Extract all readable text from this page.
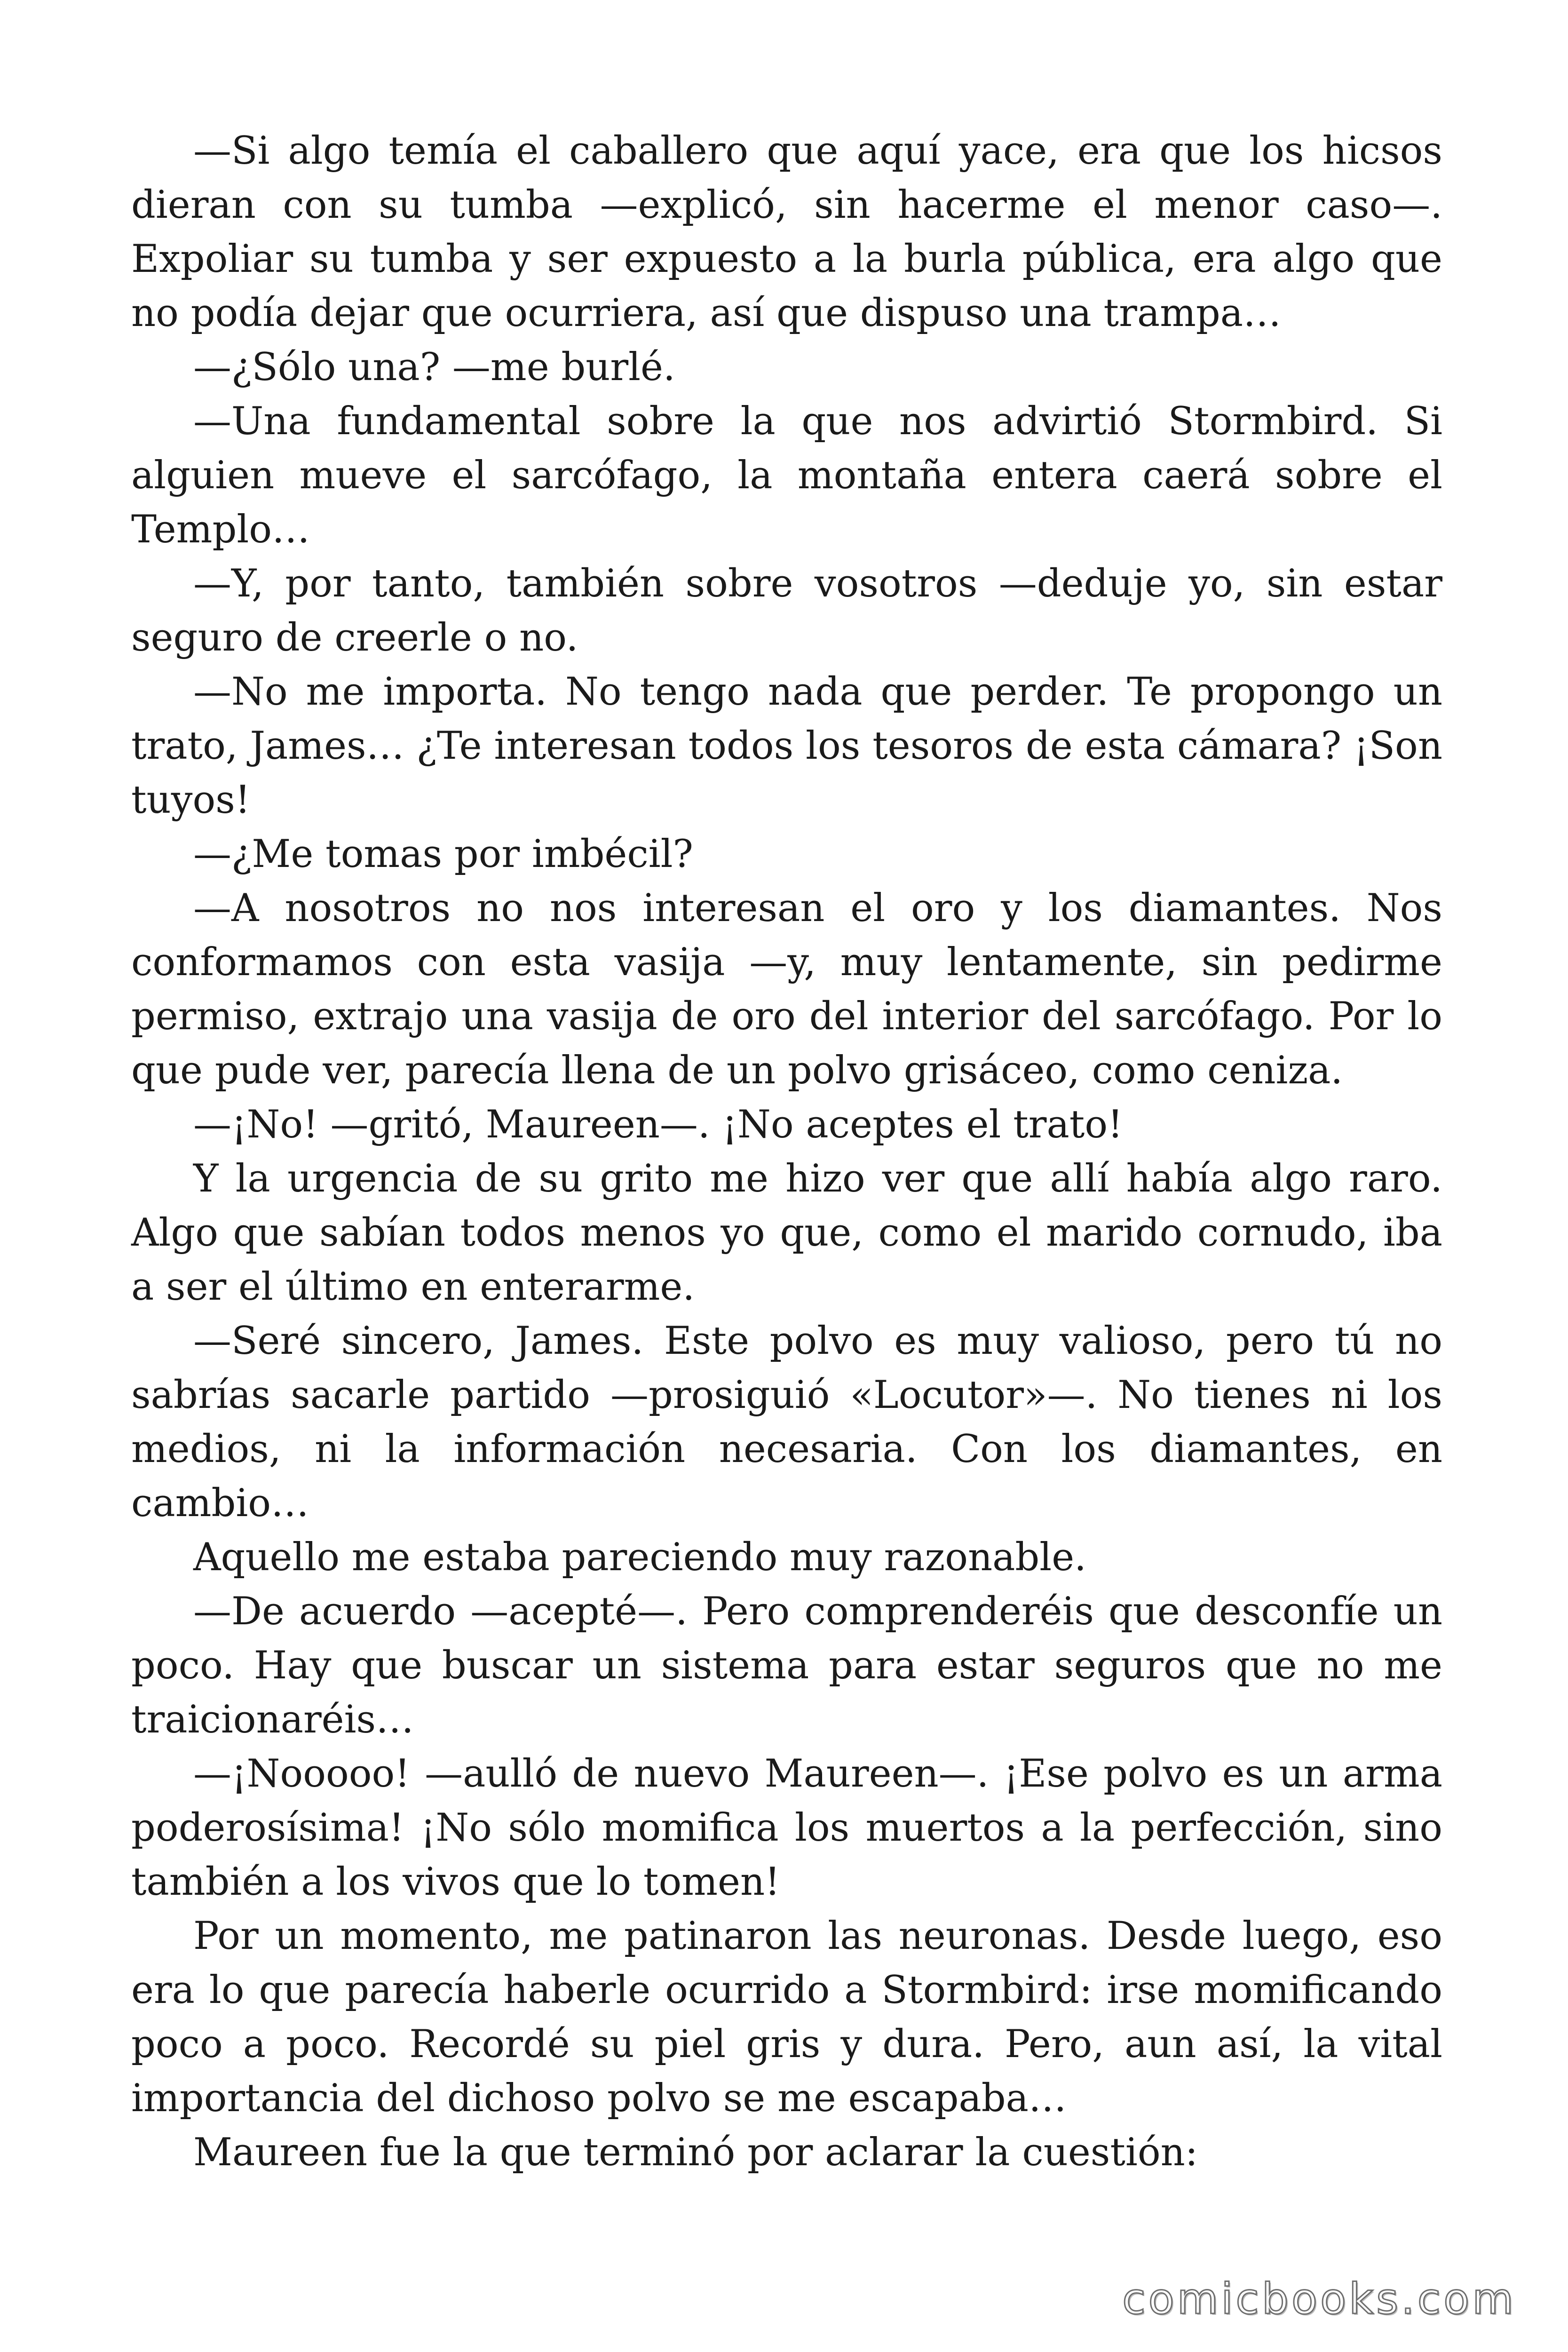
—Si algo temía el caballero que aquí yace, era que los hicsos dieran con su tumba —explicó, sin hacerme el menor caso—. Expoliar su tumba y ser expuesto a la burla pública, era algo que no podía dejar que ocurriera, así que dispuso una trampa…

—¿Sólo una? —me burlé.

—Una fundamental sobre la que nos advirtió Stormbird. Si alguien mueve el sarcófago, la montaña entera caerá sobre el Templo…

—Y, por tanto, también sobre vosotros —deduje yo, sin estar seguro de creerle o no.

—No me importa. No tengo nada que perder. Te propongo un trato, James… ¿Te interesan todos los tesoros de esta cámara? ¡Son tuyos!

—¿Me tomas por imbécil?

—A nosotros no nos interesan el oro y los diamantes. Nos conformamos con esta vasija —y, muy lentamente, sin pedirme permiso, extrajo una vasija de oro del interior del sarcófago. Por lo que pude ver, parecía llena de un polvo grisáceo, como ceniza.

—¡No! —gritó, Maureen—. ¡No aceptes el trato!

Y la urgencia de su grito me hizo ver que allí había algo raro. Algo que sabían todos menos yo que, como el marido cornudo, iba a ser el último en enterarme.

—Seré sincero, James. Este polvo es muy valioso, pero tú no sabrías sacarle partido —prosiguió «Locutor»—. No tienes ni los medios, ni la información necesaria. Con los diamantes, en cambio…

Aquello me estaba pareciendo muy razonable.

—De acuerdo —acepté—. Pero comprenderéis que desconfíe un poco. Hay que buscar un sistema para estar seguros que no me traicionaréis…

—¡Nooooo! —aulló de nuevo Maureen—. ¡Ese polvo es un arma poderosísima! ¡No sólo momifica los muertos a la perfección, sino también a los vivos que lo tomen!

Por un momento, me patinaron las neuronas. Desde luego, eso era lo que parecía haberle ocurrido a Stormbird: irse momificando poco a poco. Recordé su piel gris y dura. Pero, aun así, la vital importancia del dichoso polvo se me escapaba…

Maureen fue la que terminó por aclarar la cuestión:

comicbooks.com
